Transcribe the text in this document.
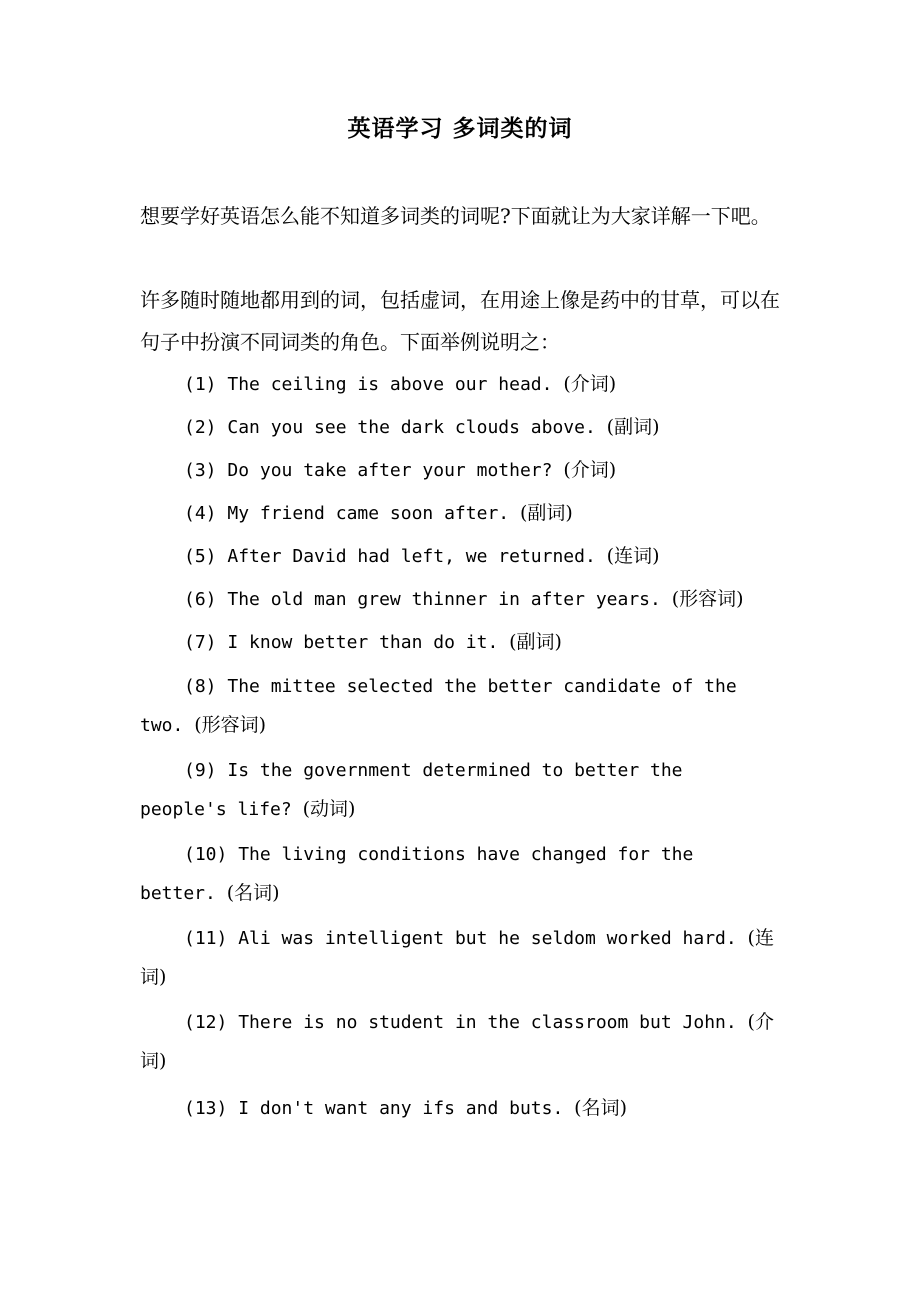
英语学习 多词类的词

想要学好英语怎么能不知道多词类的词呢?下面就让为大家详解一下吧。

许多随时随地都用到的词，包括虚词，在用途上像是药中的甘草，可以在句子中扮演不同词类的角色。下面举例说明之：

(1) The ceiling is above our head. (介词)

(2) Can you see the dark clouds above. (副词)

(3) Do you take after your mother? (介词)

(4) My friend came soon after. (副词)

(5) After David had left, we returned. (连词)

(6) The old man grew thinner in after years. (形容词)

(7) I know better than do it. (副词)

(8) The mittee selected the better candidate of the two. (形容词)

(9) Is the government determined to better the people's life? (动词)

(10) The living conditions have changed for the better. (名词)

(11) Ali was intelligent but he seldom worked hard. (连词)

(12) There is no student in the classroom but John. (介词)

(13) I don't want any ifs and buts. (名词)
